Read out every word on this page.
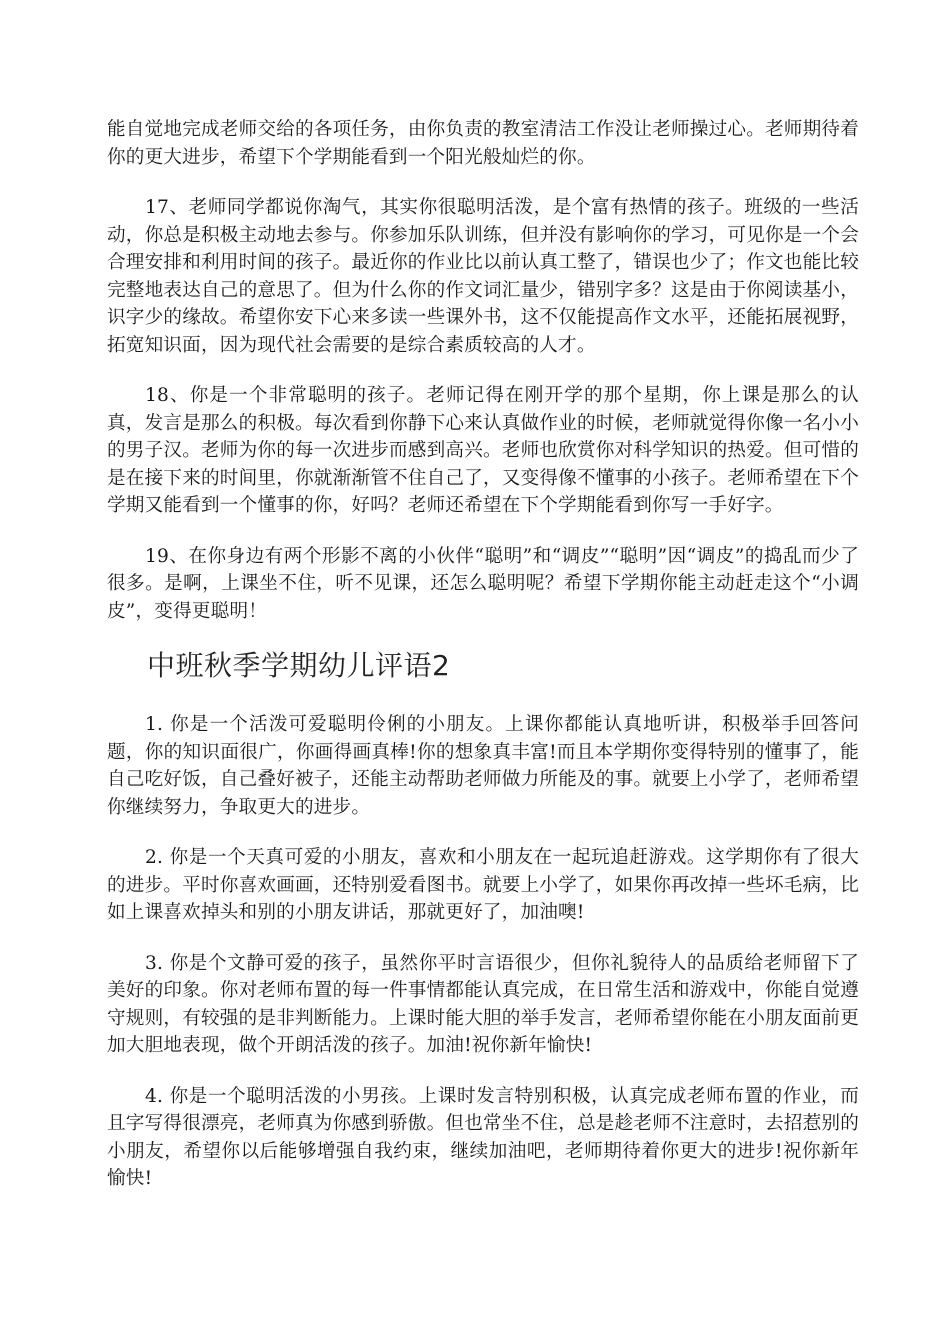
能自觉地完成老师交给的各项任务，由你负责的教室清洁工作没让老师操过心。老师期待着你的更大进步，希望下个学期能看到一个阳光般灿烂的你。

17、老师同学都说你淘气，其实你很聪明活泼，是个富有热情的孩子。班级的一些活动，你总是积极主动地去参与。你参加乐队训练，但并没有影响你的学习，可见你是一个会合理安排和利用时间的孩子。最近你的作业比以前认真工整了，错误也少了；作文也能比较完整地表达自己的意思了。但为什么你的作文词汇量少，错别字多？这是由于你阅读基小，识字少的缘故。希望你安下心来多读一些课外书，这不仅能提高作文水平，还能拓展视野，拓宽知识面，因为现代社会需要的是综合素质较高的人才。

18、你是一个非常聪明的孩子。老师记得在刚开学的那个星期，你上课是那么的认真，发言是那么的积极。每次看到你静下心来认真做作业的时候，老师就觉得你像一名小小的男子汉。老师为你的每一次进步而感到高兴。老师也欣赏你对科学知识的热爱。但可惜的是在接下来的时间里，你就渐渐管不住自己了，又变得像不懂事的小孩子。老师希望在下个学期又能看到一个懂事的你，好吗？老师还希望在下个学期能看到你写一手好字。

19、在你身边有两个形影不离的小伙伴“聪明”和“调皮”“聪明”因“调皮”的捣乱而少了很多。是啊，上课坐不住，听不见课，还怎么聪明呢？希望下学期你能主动赶走这个“小调皮”，变得更聪明！

中班秋季学期幼儿评语2

1. 你是一个活泼可爱聪明伶俐的小朋友。上课你都能认真地听讲，积极举手回答问题，你的知识面很广，你画得画真棒!你的想象真丰富!而且本学期你变得特别的懂事了，能自己吃好饭，自己叠好被子，还能主动帮助老师做力所能及的事。就要上小学了，老师希望你继续努力，争取更大的进步。

2. 你是一个天真可爱的小朋友，喜欢和小朋友在一起玩追赶游戏。这学期你有了很大的进步。平时你喜欢画画，还特别爱看图书。就要上小学了，如果你再改掉一些坏毛病，比如上课喜欢掉头和别的小朋友讲话，那就更好了，加油噢!

3. 你是个文静可爱的孩子，虽然你平时言语很少，但你礼貌待人的品质给老师留下了美好的印象。你对老师布置的每一件事情都能认真完成，在日常生活和游戏中，你能自觉遵守规则，有较强的是非判断能力。上课时能大胆的举手发言，老师希望你能在小朋友面前更加大胆地表现，做个开朗活泼的孩子。加油!祝你新年愉快!

4. 你是一个聪明活泼的小男孩。上课时发言特别积极，认真完成老师布置的作业，而且字写得很漂亮，老师真为你感到骄傲。但也常坐不住，总是趁老师不注意时，去招惹别的小朋友，希望你以后能够增强自我约束，继续加油吧，老师期待着你更大的进步!祝你新年愉快!
